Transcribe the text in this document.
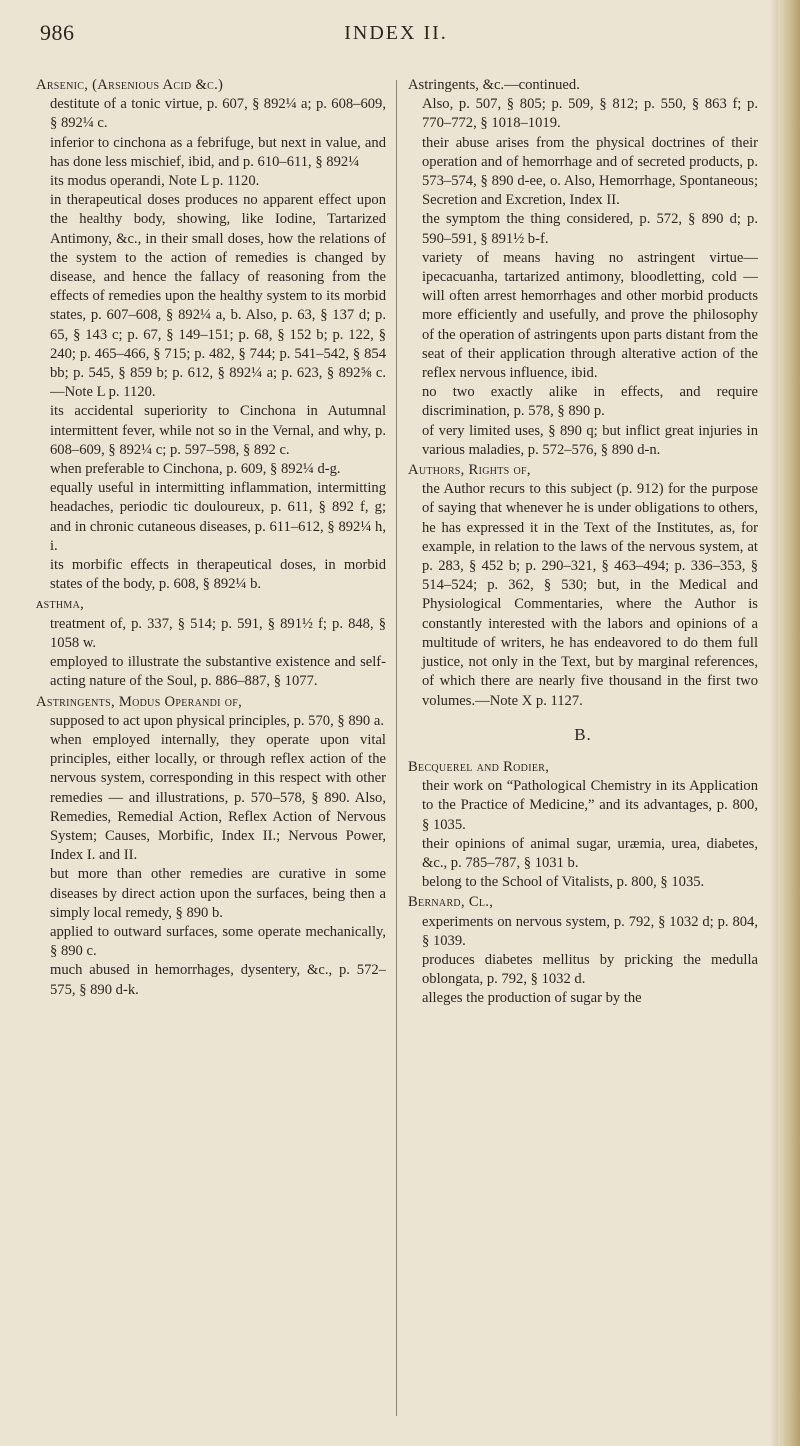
986	INDEX II.

Arsenic, (Arsenious Acid &c.)

destitute of a tonic virtue, p. 607, § 892¼ a; p. 608–609, § 892¼ c.

inferior to cinchona as a febrifuge, but next in value, and has done less mischief, ibid, and p. 610–611, § 892¼

its modus operandi, Note L p. 1120.

in therapeutical doses produces no apparent effect upon the healthy body, showing, like Iodine, Tartarized Antimony, &c., in their small doses, how the relations of the system to the action of remedies is changed by disease, and hence the fallacy of reasoning from the effects of remedies upon the healthy system to its morbid states, p. 607–608, § 892¼ a, b. Also, p. 63, § 137 d; p. 65, § 143 c; p. 67, § 149–151; p. 68, § 152 b; p. 122, § 240; p. 465–466, § 715; p. 482, § 744; p. 541–542, § 854 bb; p. 545, § 859 b; p. 612, § 892¼ a; p. 623, § 892⅝ c.—Note L p. 1120.

its accidental superiority to Cinchona in Autumnal intermittent fever, while not so in the Vernal, and why, p. 608–609, § 892¼ c; p. 597–598, § 892 c.

when preferable to Cinchona, p. 609, § 892¼ d-g.

equally useful in intermitting inflammation, intermitting headaches, periodic tic douloureux, p. 611, § 892 f, g; and in chronic cutaneous diseases, p. 611–612, § 892¼ h, i.

its morbific effects in therapeutical doses, in morbid states of the body, p. 608, § 892¼ b.

ᴀsthma,

treatment of, p. 337, § 514; p. 591, § 891½ f; p. 848, § 1058 w.

employed to illustrate the substantive existence and self-acting nature of the Soul, p. 886–887, § 1077.

Astringents, Modus Operandi of,

supposed to act upon physical principles, p. 570, § 890 a.

when employed internally, they operate upon vital principles, either locally, or through reflex action of the nervous system, corresponding in this respect with other remedies — and illustrations, p. 570–578, § 890. Also, Remedies, Remedial Action, Reflex Action of Nervous System; Causes, Morbific, Index II.; Nervous Power, Index I. and II.

but more than other remedies are curative in some diseases by direct action upon the surfaces, being then a simply local remedy, § 890 b.

applied to outward surfaces, some operate mechanically, § 890 c.

much abused in hemorrhages, dysentery, &c., p. 572–575, § 890 d-k.

Astringents, &c.—continued.

Also, p. 507, § 805; p. 509, § 812; p. 550, § 863 f; p. 770–772, § 1018–1019.

their abuse arises from the physical doctrines of their operation and of hemorrhage and of secreted products, p. 573–574, § 890 d-ee, o. Also, Hemorrhage, Spontaneous; Secretion and Excretion, Index II.

the symptom the thing considered, p. 572, § 890 d; p. 590–591, § 891½ b-f.

variety of means having no astringent virtue—ipecacuanha, tartarized antimony, bloodletting, cold — will often arrest hemorrhages and other morbid products more efficiently and usefully, and prove the philosophy of the operation of astringents upon parts distant from the seat of their application through alterative action of the reflex nervous influence, ibid.

no two exactly alike in effects, and require discrimination, p. 578, § 890 p.

of very limited uses, § 890 q; but inflict great injuries in various maladies, p. 572–576, § 890 d-n.

Authors, Rights of,

the Author recurs to this subject (p. 912) for the purpose of saying that whenever he is under obligations to others, he has expressed it in the Text of the Institutes, as, for example, in relation to the laws of the nervous system, at p. 283, § 452 b; p. 290–321, § 463–494; p. 336–353, § 514–524; p. 362, § 530; but, in the Medical and Physiological Commentaries, where the Author is constantly interested with the labors and opinions of a multitude of writers, he has endeavored to do them full justice, not only in the Text, but by marginal references, of which there are nearly five thousand in the first two volumes.—Note X p. 1127.

B.

Becquerel and Rodier,

their work on “Pathological Chemistry in its Application to the Practice of Medicine,” and its advantages, p. 800, § 1035.

their opinions of animal sugar, uræmia, urea, diabetes, &c., p. 785–787, § 1031 b.

belong to the School of Vitalists, p. 800, § 1035.

Bernard, Cl.,

experiments on nervous system, p. 792, § 1032 d; p. 804, § 1039.

produces diabetes mellitus by pricking the medulla oblongata, p. 792, § 1032 d.

alleges the production of sugar by the
